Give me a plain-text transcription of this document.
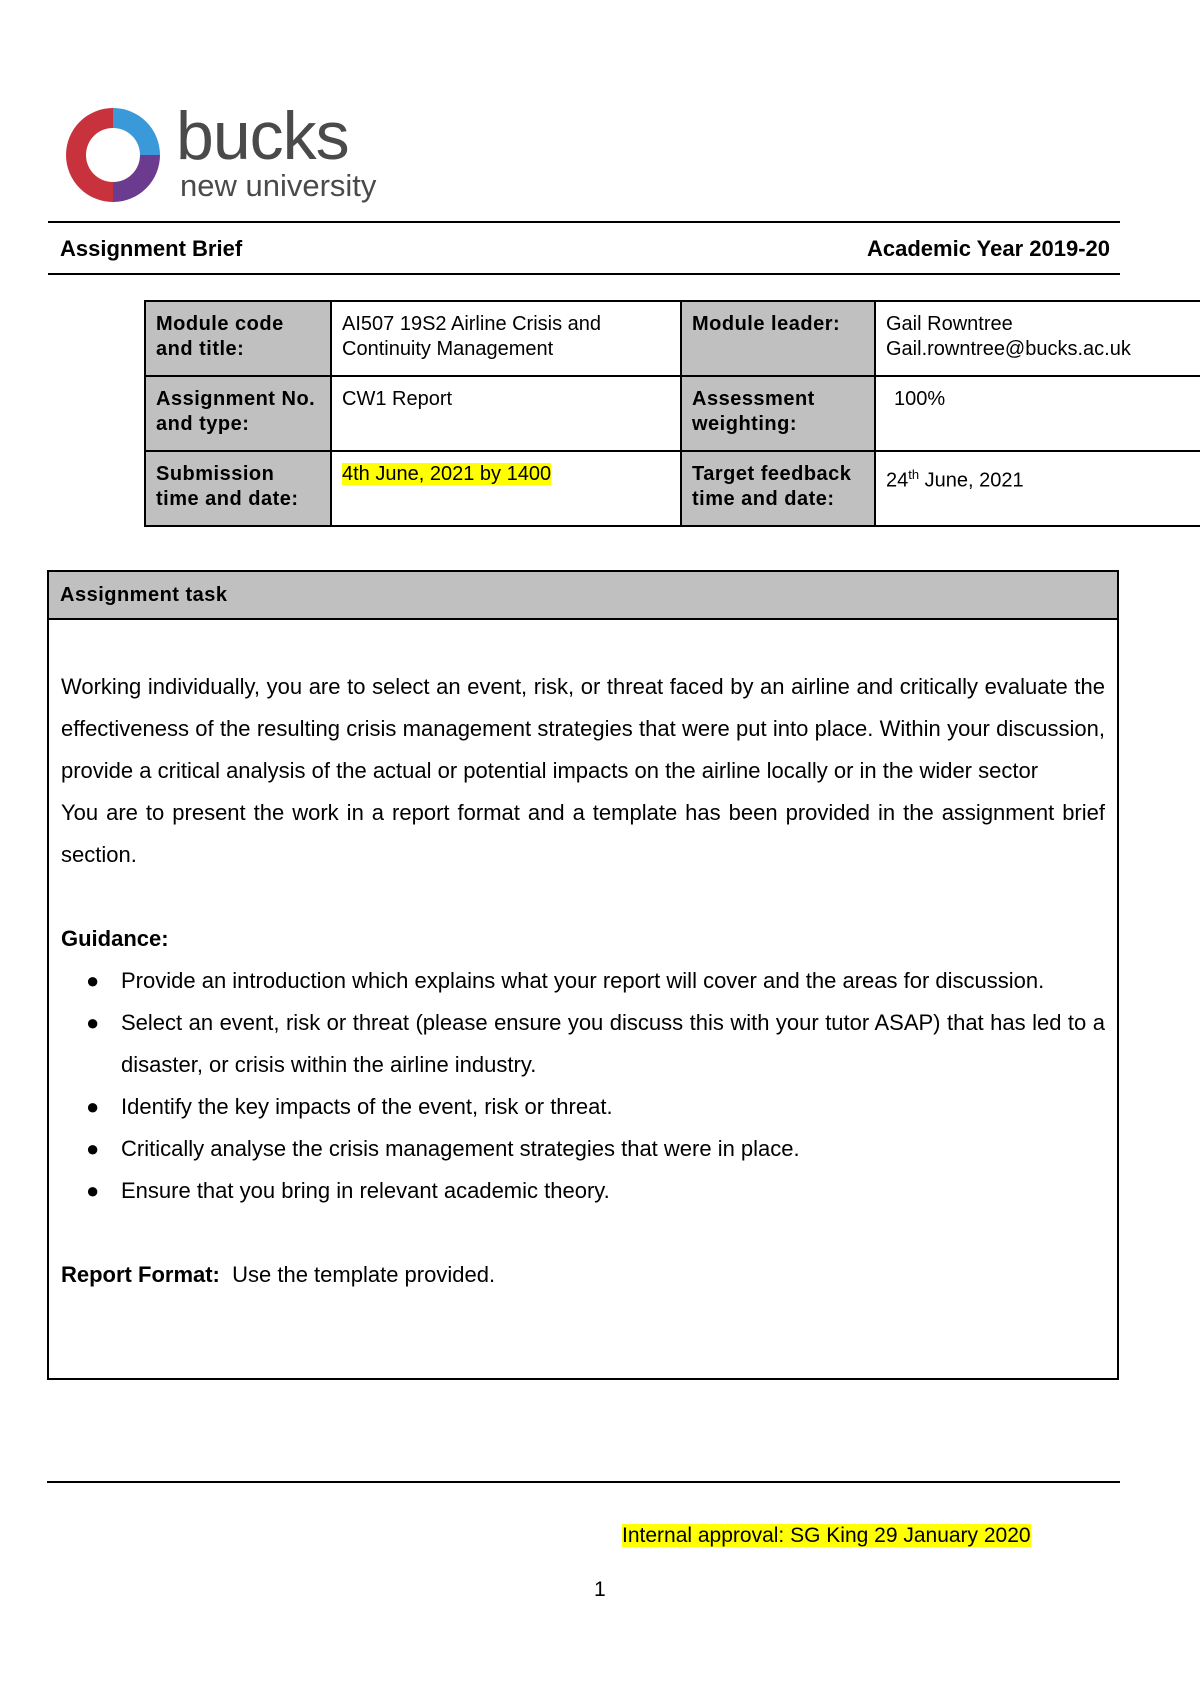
bucks
new university
Assignment Brief	Academic Year 2019-20
Module code and title:	AI507 19S2 Airline Crisis and Continuity Management	Module leader:	Gail Rowntree
Gail.rowntree@bucks.ac.uk

Assignment No. and type:	CW1 Report	Assessment weighting:	100%
Submission time and date:	4th June, 2021 by 1400	Target feedback time and date:	24th June, 2021
Assignment task

Working individually, you are to select an event, risk, or threat faced by an airline and critically evaluate the effectiveness of the resulting crisis management strategies that were put into place. Within your discussion, provide a critical analysis of the actual or potential impacts on the airline locally or in the wider sector

You are to present the work in a report format and a template has been provided in the assignment brief section.

Guidance:

● Provide an introduction which explains what your report will cover and the areas for discussion.
● Select an event, risk or threat (please ensure you discuss this with your tutor ASAP) that has led to a disaster, or crisis within the airline industry.
● Identify the key impacts of the event, risk or threat.
● Critically analyse the crisis management strategies that were in place.
● Ensure that you bring in relevant academic theory.

Report Format: Use the template provided.

Internal approval: SG King 29 January 2020
1
